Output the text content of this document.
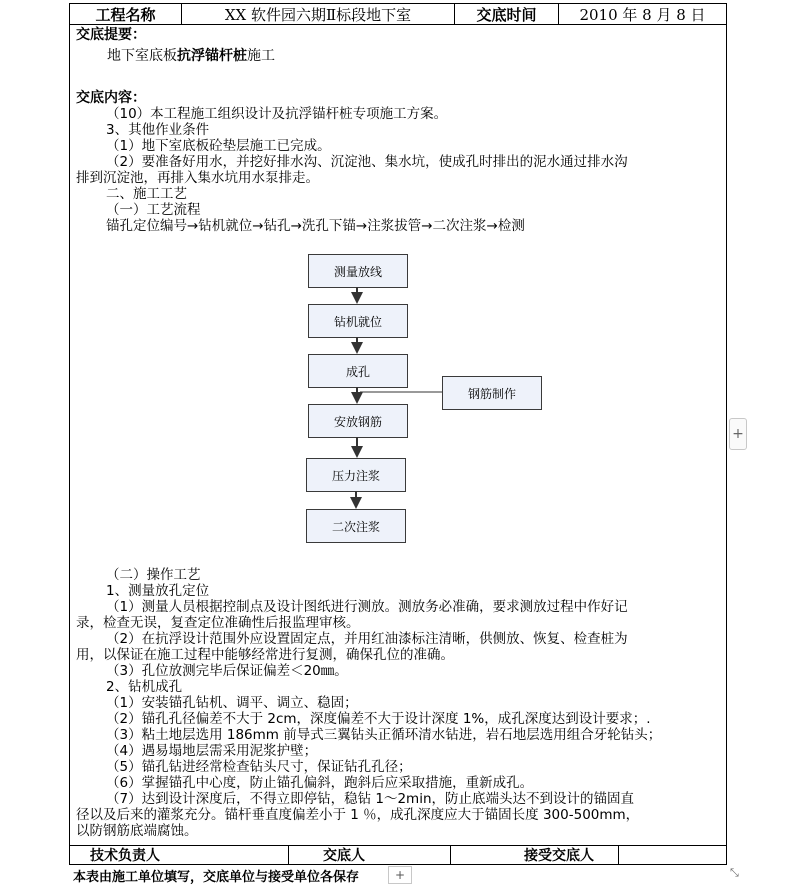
工程名称	XX 软件园六期Ⅱ标段地下室	交底时间	2010 年 8 月 8 日
交底提要：
地下室底板抗浮锚杆桩施工
交底内容：
（10）本工程施工组织设计及抗浮锚杆桩专项施工方案。
3、其他作业条件
（1）地下室底板砼垫层施工已完成。
（2）要准备好用水，并挖好排水沟、沉淀池、集水坑，使成孔时排出的泥水通过排水沟
排到沉淀池，再排入集水坑用水泵排走。
二、施工工艺
（一）工艺流程
锚孔定位编号→钻机就位→钻孔→洗孔下锚→注浆拔管→二次注浆→检测
测量放线
钻机就位
成孔
安放钢筋
压力注浆
二次注浆
钢筋制作
（二）操作工艺
1、测量放孔定位
（1）测量人员根据控制点及设计图纸进行测放。测放务必准确，要求测放过程中作好记
录，检查无误，复查定位准确性后报监理审核。
（2）在抗浮设计范围外应设置固定点，并用红油漆标注清晰，供侧放、恢复、检查桩为
用，以保证在施工过程中能够经常进行复测，确保孔位的准确。
（3）孔位放测完毕后保证偏差＜20㎜。
2、钻机成孔
（1）安装锚孔钻机、调平、调立、稳固；
（2）锚孔孔径偏差不大于 2cm，深度偏差不大于设计深度 1%，成孔深度达到设计要求；.
（3）粘土地层选用 186mm 前导式三翼钻头正循环清水钻进，岩石地层选用组合牙轮钻头；
（4）遇易塌地层需采用泥浆护壁；
（5）锚孔钻进经常检查钻头尺寸，保证钻孔孔径；
（6）掌握锚孔中心度，防止锚孔偏斜，跑斜后应采取措施，重新成孔。
（7）达到设计深度后，不得立即停钻，稳钻 1～2min，防止底端头达不到设计的锚固直
径以及后来的灌浆充分。锚杆垂直度偏差小于 1 ％，成孔深度应大于锚固长度 300-500mm，
以防钢筋底端腐蚀。
技术负责人	交底人	接受交底人
本表由施工单位填写，交底单位与接受单位各保存
+
+	⤡
